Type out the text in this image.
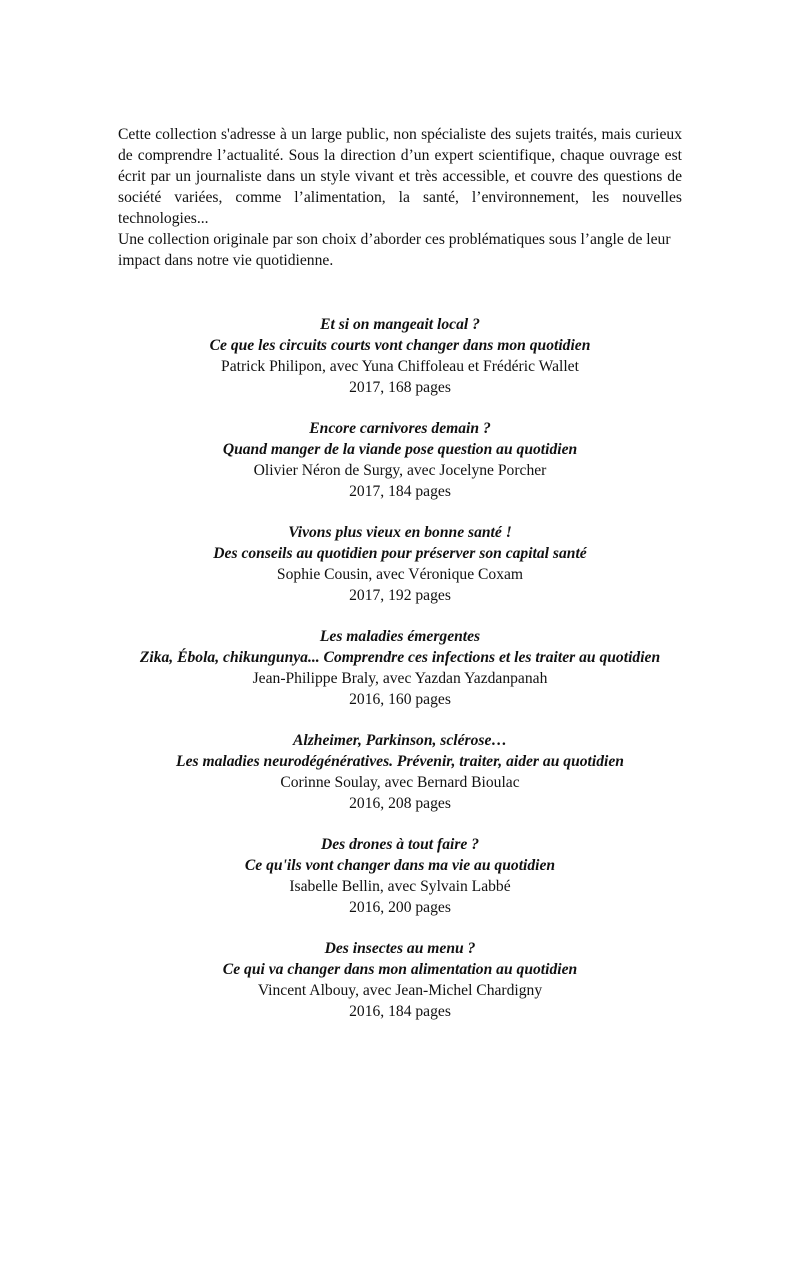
Cette collection s'adresse à un large public, non spécialiste des sujets traités, mais curieux de comprendre l’actualité. Sous la direction d’un expert scientifique, chaque ouvrage est écrit par un journaliste dans un style vivant et très accessible, et couvre des questions de société variées, comme l’alimentation, la santé, l’environnement, les nouvelles technologies...

Une collection originale par son choix d’aborder ces problématiques sous l’angle de leur impact dans notre vie quotidienne.

Et si on mangeait local ?
Ce que les circuits courts vont changer dans mon quotidien
Patrick Philipon, avec Yuna Chiffoleau et Frédéric Wallet
2017, 168 pages
Encore carnivores demain ?
Quand manger de la viande pose question au quotidien
Olivier Néron de Surgy, avec Jocelyne Porcher
2017, 184 pages
Vivons plus vieux en bonne santé !
Des conseils au quotidien pour préserver son capital santé
Sophie Cousin, avec Véronique Coxam
2017, 192 pages
Les maladies émergentes
Zika, Ébola, chikungunya... Comprendre ces infections et les traiter au quotidien
Jean-Philippe Braly, avec Yazdan Yazdanpanah
2016, 160 pages
Alzheimer, Parkinson, sclérose…
Les maladies neurodégénératives. Prévenir, traiter, aider au quotidien
Corinne Soulay, avec Bernard Bioulac
2016, 208 pages
Des drones à tout faire ?
Ce qu'ils vont changer dans ma vie au quotidien
Isabelle Bellin, avec Sylvain Labbé
2016, 200 pages
Des insectes au menu ?
Ce qui va changer dans mon alimentation au quotidien
Vincent Albouy, avec Jean-Michel Chardigny
2016, 184 pages
